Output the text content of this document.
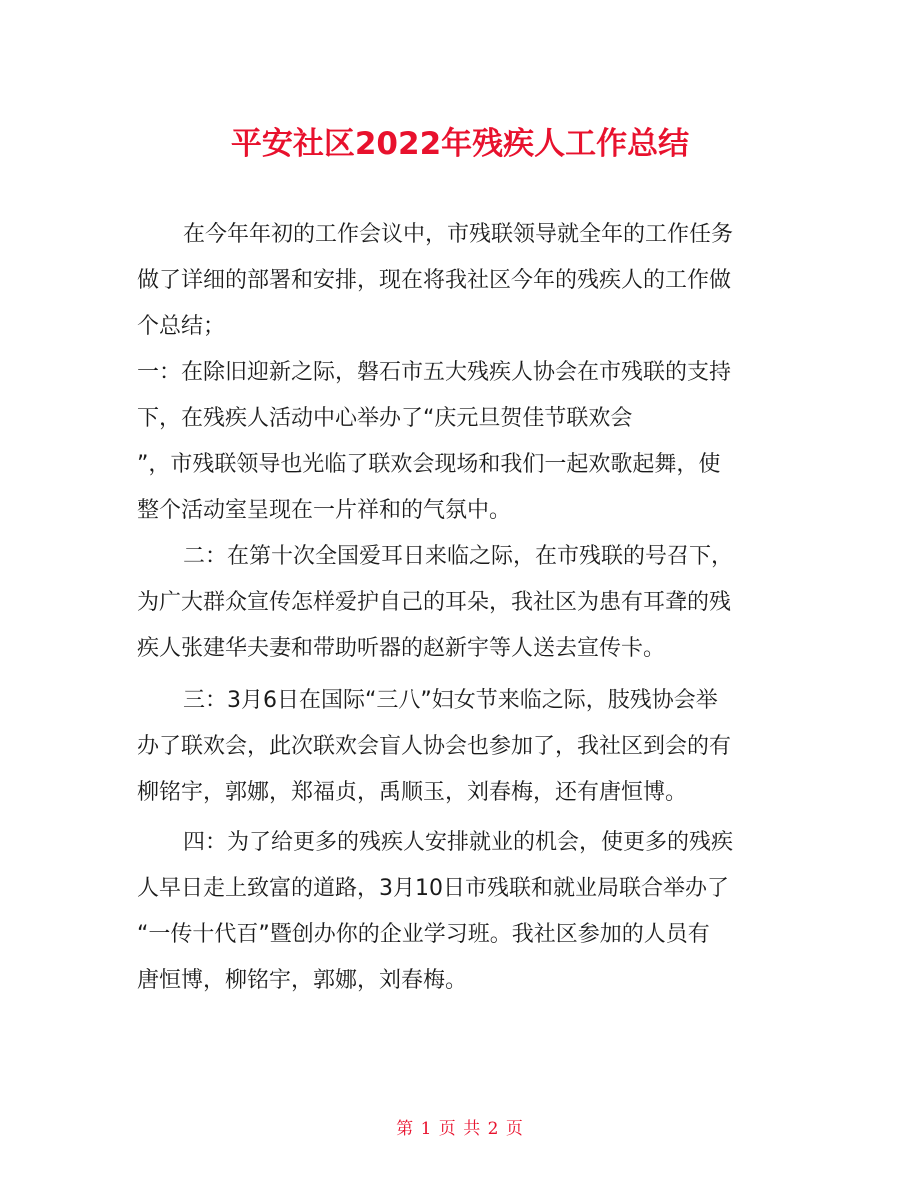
平安社区2022年残疾人工作总结
在今年年初的工作会议中，市残联领导就全年的工作任务
做了详细的部署和安排，现在将我社区今年的残疾人的工作做
个总结；
一：在除旧迎新之际，磐石市五大残疾人协会在市残联的支持
下，在残疾人活动中心举办了“庆元旦贺佳节联欢会
”，市残联领导也光临了联欢会现场和我们一起欢歌起舞，使
整个活动室呈现在一片祥和的气氛中。
二：在第十次全国爱耳日来临之际，在市残联的号召下，
为广大群众宣传怎样爱护自己的耳朵，我社区为患有耳聋的残
疾人张建华夫妻和带助听器的赵新宇等人送去宣传卡。
三：3月6日在国际“三八”妇女节来临之际，肢残协会举
办了联欢会，此次联欢会盲人协会也参加了，我社区到会的有
柳铭宇，郭娜，郑福贞，禹顺玉，刘春梅，还有唐恒博。
四：为了给更多的残疾人安排就业的机会，使更多的残疾
人早日走上致富的道路，3月10日市残联和就业局联合举办了
“一传十代百”暨创办你的企业学习班。我社区参加的人员有
唐恒博，柳铭宇，郭娜，刘春梅。
第 1 页 共 2 页
